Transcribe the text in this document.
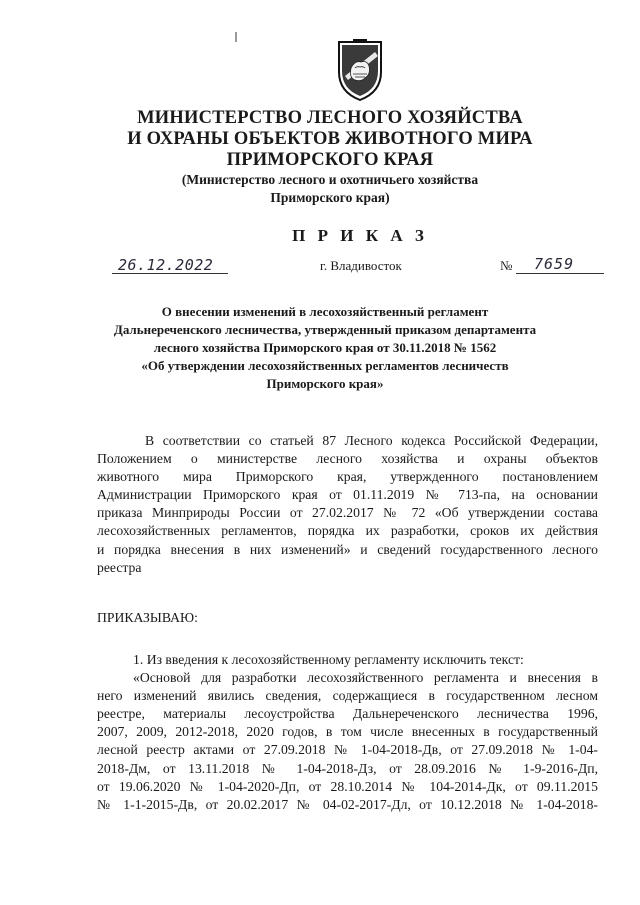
МИНИСТЕРСТВО ЛЕСНОГО ХОЗЯЙСТВА
И ОХРАНЫ ОБЪЕКТОВ ЖИВОТНОГО МИРА
ПРИМОРСКОГО КРАЯ
(Министерство лесного и охотничьего хозяйства
Приморского края)
П Р И К А З
26.12.2022	г. Владивосток	№ 7659
О внесении изменений в лесохозяйственный регламент
Дальнереченского лесничества, утвержденный приказом департамента
лесного хозяйства Приморского края от 30.11.2018 № 1562
«Об утверждении лесохозяйственных регламентов лесничеств
Приморского края»
В соответствии со статьей 87 Лесного кодекса Российской Федерации,
Положением о министерстве лесного хозяйства и охраны объектов
животного мира Приморского края, утвержденного постановлением
Администрации Приморского края от 01.11.2019 № 713-па, на основании
приказа Минприроды России от 27.02.2017 № 72 «Об утверждении состава
лесохозяйственных регламентов, порядка их разработки, сроков их действия
и порядка внесения в них изменений» и сведений государственного лесного
реестра
ПРИКАЗЫВАЮ:
1. Из введения к лесохозяйственному регламенту исключить текст:
«Основой для разработки лесохозяйственного регламента и внесения в
него изменений явились сведения, содержащиеся в государственном лесном
реестре, материалы лесоустройства Дальнереченского лесничества 1996,
2007, 2009, 2012-2018, 2020 годов, в том числе внесенных в государственный
лесной реестр актами от 27.09.2018 № 1-04-2018-Дв, от 27.09.2018 № 1-04-
2018-Дм, от 13.11.2018 № 1-04-2018-Дз, от 28.09.2016 № 1-9-2016-Дп,
от 19.06.2020 № 1-04-2020-Дп, от 28.10.2014 № 104-2014-Дк, от 09.11.2015
№ 1-1-2015-Дв, от 20.02.2017 № 04-02-2017-Дл, от 10.12.2018 № 1-04-2018-
